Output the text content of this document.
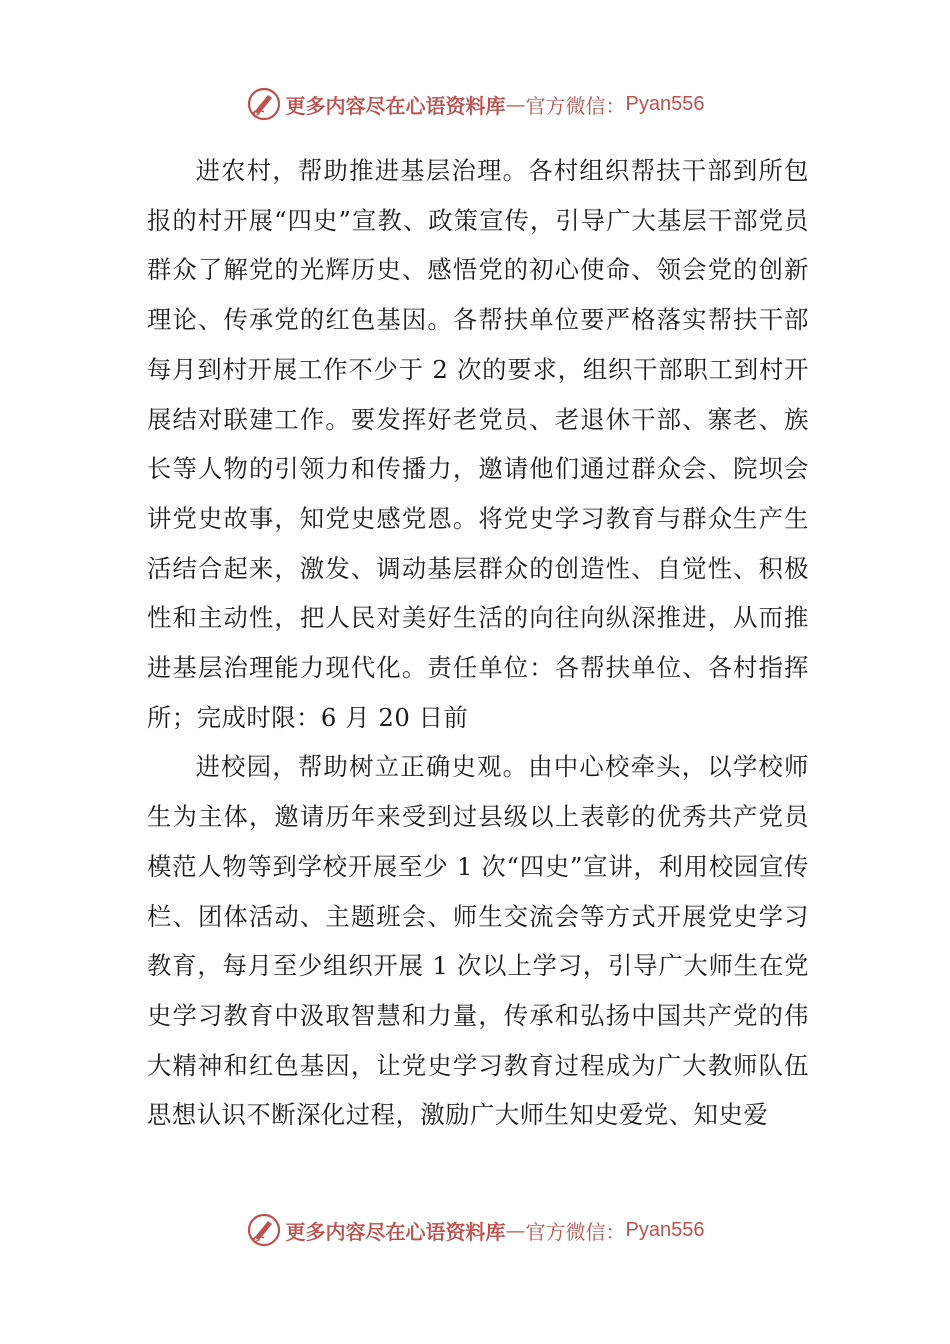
更多内容尽在心语资料库 — 官方微信： Pyan556

进农村，帮助推进基层治理。各村组织帮扶干部到所包报的村开展“四史”宣教、政策宣传，引导广大基层干部党员群众了解党的光辉历史、感悟党的初心使命、领会党的创新理论、传承党的红色基因。各帮扶单位要严格落实帮扶干部每月到村开展工作不少于 2 次的要求，组织干部职工到村开展结对联建工作。要发挥好老党员、老退休干部、寨老、族长等人物的引领力和传播力，邀请他们通过群众会、院坝会讲党史故事，知党史感党恩。将党史学习教育与群众生产生活结合起来，激发、调动基层群众的创造性、自觉性、积极性和主动性，把人民对美好生活的向往向纵深推进，从而推进基层治理能力现代化。责任单位：各帮扶单位、各村指挥所；完成时限：6 月 20 日前

进校园，帮助树立正确史观。由中心校牵头，以学校师生为主体，邀请历年来受到过县级以上表彰的优秀共产党员模范人物等到学校开展至少 1 次“四史”宣讲，利用校园宣传栏、团体活动、主题班会、师生交流会等方式开展党史学习教育，每月至少组织开展 1 次以上学习，引导广大师生在党史学习教育中汲取智慧和力量，传承和弘扬中国共产党的伟大精神和红色基因，让党史学习教育过程成为广大教师队伍思想认识不断深化过程，激励广大师生知史爱党、知史爱

更多内容尽在心语资料库 — 官方微信： Pyan556
